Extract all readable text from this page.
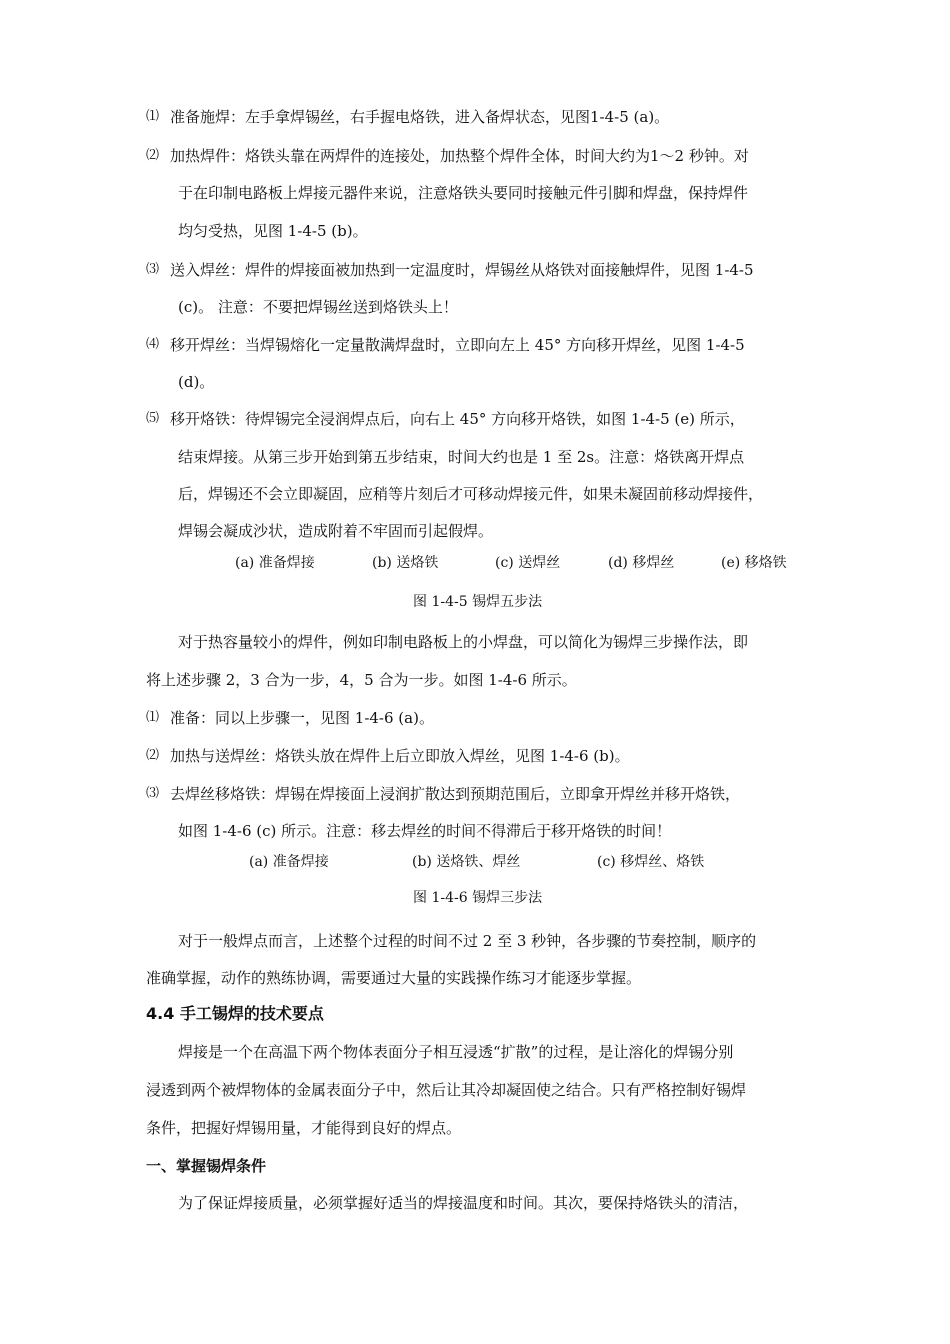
⑴ 准备施焊：左手拿焊锡丝，右手握电烙铁，进入备焊状态，见图1-4-5 (a)。
⑵ 加热焊件：烙铁头靠在两焊件的连接处，加热整个焊件全体，时间大约为1～2 秒钟。对
于在印制电路板上焊接元器件来说，注意烙铁头要同时接触元件引脚和焊盘，保持焊件
均匀受热，见图 1-4-5 (b)。
⑶ 送入焊丝：焊件的焊接面被加热到一定温度时，焊锡丝从烙铁对面接触焊件，见图 1-4-5
(c)。 注意：不要把焊锡丝送到烙铁头上！
⑷ 移开焊丝：当焊锡熔化一定量散满焊盘时，立即向左上 45° 方向移开焊丝，见图 1-4-5
(d)。
⑸ 移开烙铁：待焊锡完全浸润焊点后，向右上 45° 方向移开烙铁，如图 1-4-5 (e) 所示，
结束焊接。从第三步开始到第五步结束，时间大约也是 1 至 2s。注意：烙铁离开焊点
后，焊锡还不会立即凝固，应稍等片刻后才可移动焊接元件，如果未凝固前移动焊接件，
焊锡会凝成沙状，造成附着不牢固而引起假焊。
(a) 准备焊接	(b) 送烙铁	(c) 送焊丝	(d) 移焊丝	(e) 移烙铁
图 1-4-5 锡焊五步法
对于热容量较小的焊件，例如印制电路板上的小焊盘，可以简化为锡焊三步操作法，即
将上述步骤 2，3 合为一步，4，5 合为一步。如图 1-4-6 所示。
⑴ 准备：同以上步骤一，见图 1-4-6 (a)。
⑵ 加热与送焊丝：烙铁头放在焊件上后立即放入焊丝，见图 1-4-6 (b)。
⑶ 去焊丝移烙铁：焊锡在焊接面上浸润扩散达到预期范围后，立即拿开焊丝并移开烙铁，
如图 1-4-6 (c) 所示。注意：移去焊丝的时间不得滞后于移开烙铁的时间！
(a) 准备焊接	(b) 送烙铁、焊丝	(c) 移焊丝、烙铁
图 1-4-6 锡焊三步法
对于一般焊点而言，上述整个过程的时间不过 2 至 3 秒钟，各步骤的节奏控制，顺序的
准确掌握，动作的熟练协调，需要通过大量的实践操作练习才能逐步掌握。
4.4 手工锡焊的技术要点
焊接是一个在高温下两个物体表面分子相互浸透“扩散”的过程，是让溶化的焊锡分别
浸透到两个被焊物体的金属表面分子中，然后让其冷却凝固使之结合。只有严格控制好锡焊
条件，把握好焊锡用量，才能得到良好的焊点。
一、掌握锡焊条件
为了保证焊接质量，必须掌握好适当的焊接温度和时间。其次，要保持烙铁头的清洁，
